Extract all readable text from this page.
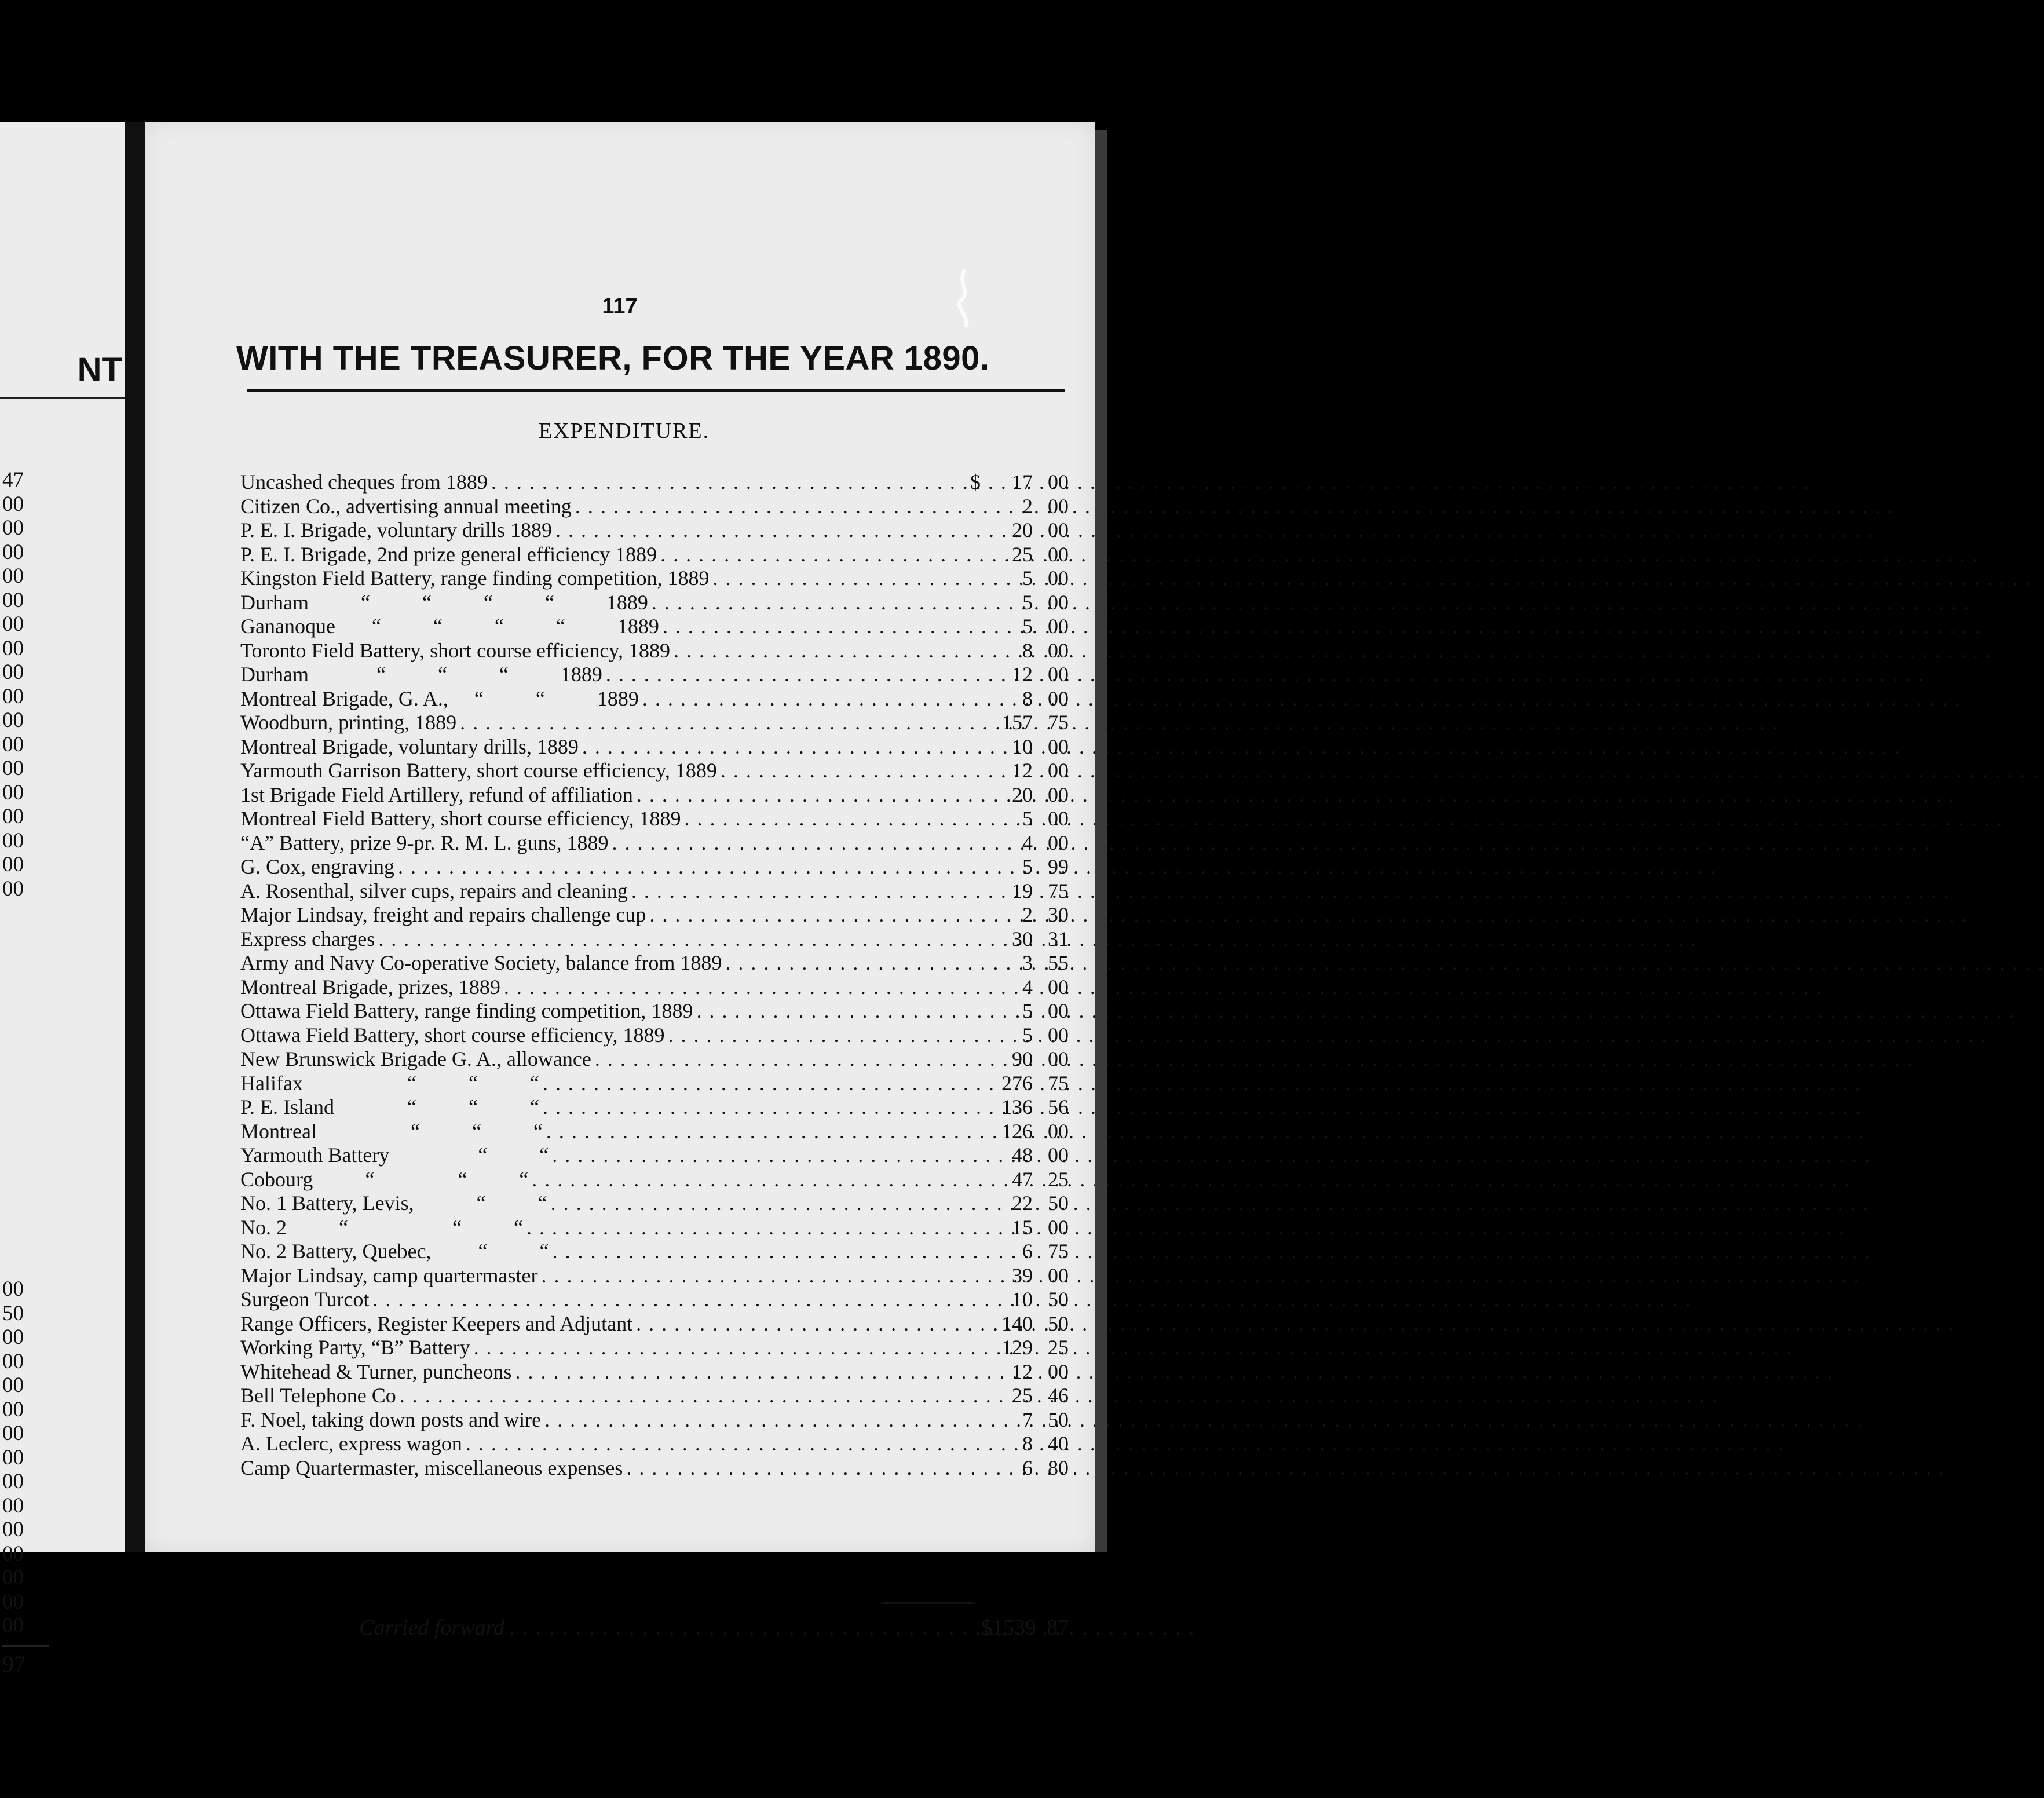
NT
47
00
00
00
00
00
00
00
00
00
00
00
00
00
00
00
00
00
00
50
00
00
00
00
00
00
00
00
00
00
00
00
00
97
117
WITH THE TREASURER, FOR THE YEAR 1890.
EXPENDITURE.
Uncashed cheques from 1889 . . .	$	17 00
Citizen Co., advertising annual meeting . . .	2 00
P. E. I. Brigade, voluntary drills 1889 . . .	20 00
P. E. I. Brigade, 2nd prize general efficiency 1889 . . .	25 00
Kingston Field Battery, range finding competition, 1889 . . .	5 00
Durham          “          “          “          “          1889 . . .	5 00
Gananoque       “          “          “          “          1889 . . .	5 00
Toronto Field Battery, short course efficiency, 1889 . . .	8 00
Durham             “          “          “          1889 . . .	12 00
Montreal Brigade, G. A.,     “          “          1889 . . .	8 00
Woodburn, printing, 1889 . . .	157 75
Montreal Brigade, voluntary drills, 1889 . . .	10 00
Yarmouth Garrison Battery, short course efficiency, 1889 . . .	12 00
1st Brigade Field Artillery, refund of affiliation . . .	20 00
Montreal Field Battery, short course efficiency, 1889 . . .	5 00
“A” Battery, prize 9-pr. R. M. L. guns, 1889 . . .	4 00
G. Cox, engraving . . .	5 99
A. Rosenthal, silver cups, repairs and cleaning . . .	19 75
Major Lindsay, freight and repairs challenge cup . . .	2 30
Express charges . . .	30 31
Army and Navy Co-operative Society, balance from 1889 . . .	3 55
Montreal Brigade, prizes, 1889 . . .	4 00
Ottawa Field Battery, range finding competition, 1889 . . .	5 00
Ottawa Field Battery, short course efficiency, 1889 . . .	5 00
New Brunswick Brigade G. A., allowance . . .	90 00
Halifax                    “          “          “ . . .	276 75
P. E. Island              “          “          “ . . .	136 56
Montreal                  “          “          “ . . .	126 00
Yarmouth Battery                 “          “ . . .	48 00
Cobourg          “                “          “ . . .	47 25
No. 1 Battery, Levis,            “          “ . . .	22 50
No. 2          “                    “          “ . . .	15 00
No. 2 Battery, Quebec,         “          “ . . .	6 75
Major Lindsay, camp quartermaster . . .	39 00
Surgeon Turcot . . .	10 50
Range Officers, Register Keepers and Adjutant . . .	140 50
Working Party, “B” Battery . . .	129 25
Whitehead & Turner, puncheons . . .	12 00
Bell Telephone Co . . .	25 46
F. Noel, taking down posts and wire . . .	7 50
A. Leclerc, express wagon . . .	8 40
Camp Quartermaster, miscellaneous expenses . . .	6 80
Carried forward . . .	$1539 87
